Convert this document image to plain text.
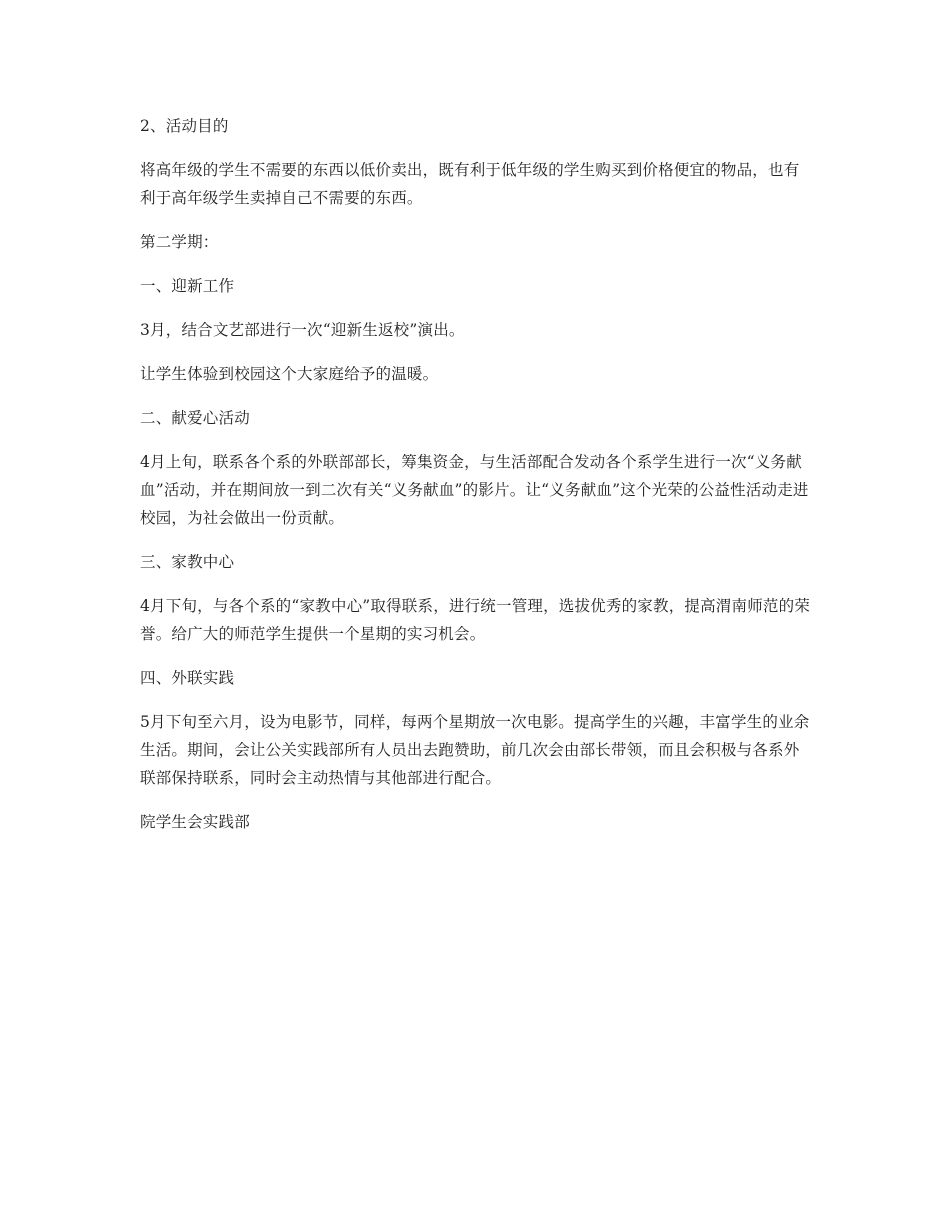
2、活动目的

将高年级的学生不需要的东西以低价卖出，既有利于低年级的学生购买到价格便宜的物品，也有利于高年级学生卖掉自己不需要的东西。

第二学期：

一、迎新工作

3月，结合文艺部进行一次“迎新生返校”演出。

让学生体验到校园这个大家庭给予的温暖。

二、献爱心活动

4月上旬，联系各个系的外联部部长，筹集资金，与生活部配合发动各个系学生进行一次“义务献血”活动，并在期间放一到二次有关“义务献血”的影片。让“义务献血”这个光荣的公益性活动走进校园，为社会做出一份贡献。

三、家教中心

4月下旬，与各个系的“家教中心”取得联系，进行统一管理，选拔优秀的家教，提高渭南师范的荣誉。给广大的师范学生提供一个星期的实习机会。

四、外联实践

5月下旬至六月，设为电影节，同样，每两个星期放一次电影。提高学生的兴趣，丰富学生的业余生活。期间，会让公关实践部所有人员出去跑赞助，前几次会由部长带领，而且会积极与各系外联部保持联系，同时会主动热情与其他部进行配合。

院学生会实践部
